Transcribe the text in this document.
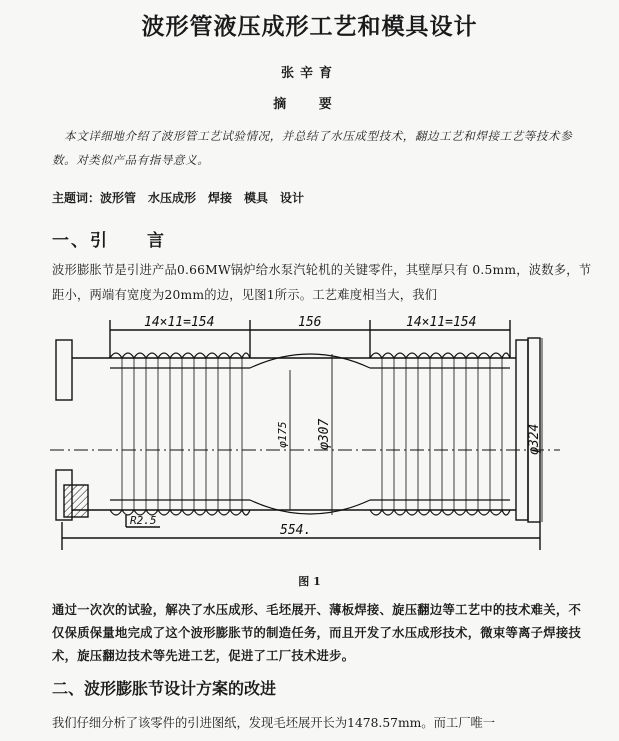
波形管液压成形工艺和模具设计
张辛育
摘 要
本文详细地介绍了波形管工艺试验情况，并总结了水压成型技术，翻边工艺和焊接工艺等技术参数。对类似产品有指导意义。
主题词：波形管　水压成形　焊接　模具　设计
一、引　　言
波形膨胀节是引进产品0.66MW锅炉给水泵汽轮机的关键零件，其壁厚只有 0.5mm，波数多，节距小，两端有宽度为20mm的边，见图1所示。工艺难度相当大，我们
14×11=154	156	14×11=154
φ175 φ307	φ324
R2.5
554.
图 1
通过一次次的试验，解决了水压成形、毛坯展开、薄板焊接、旋压翻边等工艺中的技术难关，不仅保质保量地完成了这个波形膨胀节的制造任务，而且开发了水压成形技术，微束等离子焊接技术，旋压翻边技术等先进工艺，促进了工厂技术进步。
二、波形膨胀节设计方案的改进
我们仔细分析了该零件的引进图纸，发现毛坯展开长为1478.57mm。而工厂唯一
